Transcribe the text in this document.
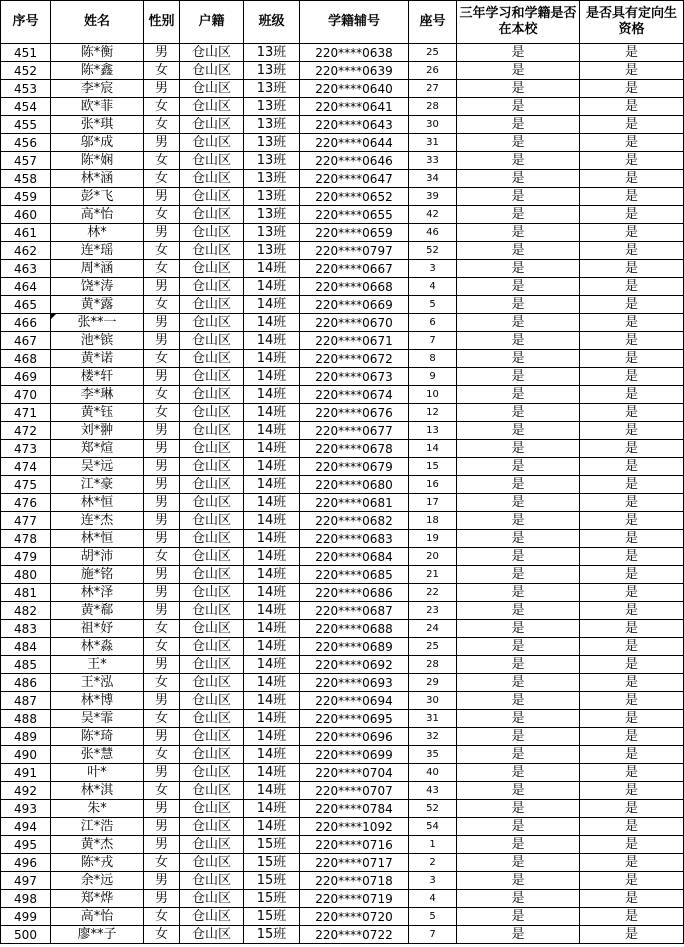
序号	姓名	性别	户籍	班级	学籍辅号	座号	三年学习和学籍是否在本校	是否具有定向生资格
451	陈*衡	男	仓山区	13班	220****0638	25	是	是
452	陈*鑫	女	仓山区	13班	220****0639	26	是	是
453	李*宸	男	仓山区	13班	220****0640	27	是	是
454	欧*菲	女	仓山区	13班	220****0641	28	是	是
455	张*琪	女	仓山区	13班	220****0643	30	是	是
456	邬*成	男	仓山区	13班	220****0644	31	是	是
457	陈*娴	女	仓山区	13班	220****0646	33	是	是
458	林*涵	女	仓山区	13班	220****0647	34	是	是
459	彭*飞	男	仓山区	13班	220****0652	39	是	是
460	高*怡	女	仓山区	13班	220****0655	42	是	是
461	林*	男	仓山区	13班	220****0659	46	是	是
462	连*瑶	女	仓山区	13班	220****0797	52	是	是
463	周*涵	女	仓山区	14班	220****0667	3	是	是
464	饶*涛	男	仓山区	14班	220****0668	4	是	是
465	黄*露	女	仓山区	14班	220****0669	5	是	是
466	张**一	男	仓山区	14班	220****0670	6	是	是
467	池*镔	男	仓山区	14班	220****0671	7	是	是
468	黄*诺	女	仓山区	14班	220****0672	8	是	是
469	楼*轩	男	仓山区	14班	220****0673	9	是	是
470	李*琳	女	仓山区	14班	220****0674	10	是	是
471	黄*钰	女	仓山区	14班	220****0676	12	是	是
472	刘*翀	男	仓山区	14班	220****0677	13	是	是
473	郑*煊	男	仓山区	14班	220****0678	14	是	是
474	吴*远	男	仓山区	14班	220****0679	15	是	是
475	江*豪	男	仓山区	14班	220****0680	16	是	是
476	林*恒	男	仓山区	14班	220****0681	17	是	是
477	连*杰	男	仓山区	14班	220****0682	18	是	是
478	林*恒	男	仓山区	14班	220****0683	19	是	是
479	胡*沛	女	仓山区	14班	220****0684	20	是	是
480	施*铭	男	仓山区	14班	220****0685	21	是	是
481	林*泽	男	仓山区	14班	220****0686	22	是	是
482	黄*郗	男	仓山区	14班	220****0687	23	是	是
483	祖*妤	女	仓山区	14班	220****0688	24	是	是
484	林*淼	女	仓山区	14班	220****0689	25	是	是
485	王*	男	仓山区	14班	220****0692	28	是	是
486	王*泓	女	仓山区	14班	220****0693	29	是	是
487	林*博	男	仓山区	14班	220****0694	30	是	是
488	吴*霏	女	仓山区	14班	220****0695	31	是	是
489	陈*琦	男	仓山区	14班	220****0696	32	是	是
490	张*慧	女	仓山区	14班	220****0699	35	是	是
491	叶*	男	仓山区	14班	220****0704	40	是	是
492	林*淇	女	仓山区	14班	220****0707	43	是	是
493	朱*	男	仓山区	14班	220****0784	52	是	是
494	江*浩	男	仓山区	14班	220****1092	54	是	是
495	黄*杰	男	仓山区	15班	220****0716	1	是	是
496	陈*戎	女	仓山区	15班	220****0717	2	是	是
497	余*远	男	仓山区	15班	220****0718	3	是	是
498	郑*烨	男	仓山区	15班	220****0719	4	是	是
499	高*怡	女	仓山区	15班	220****0720	5	是	是
500	廖**子	女	仓山区	15班	220****0722	7	是	是
